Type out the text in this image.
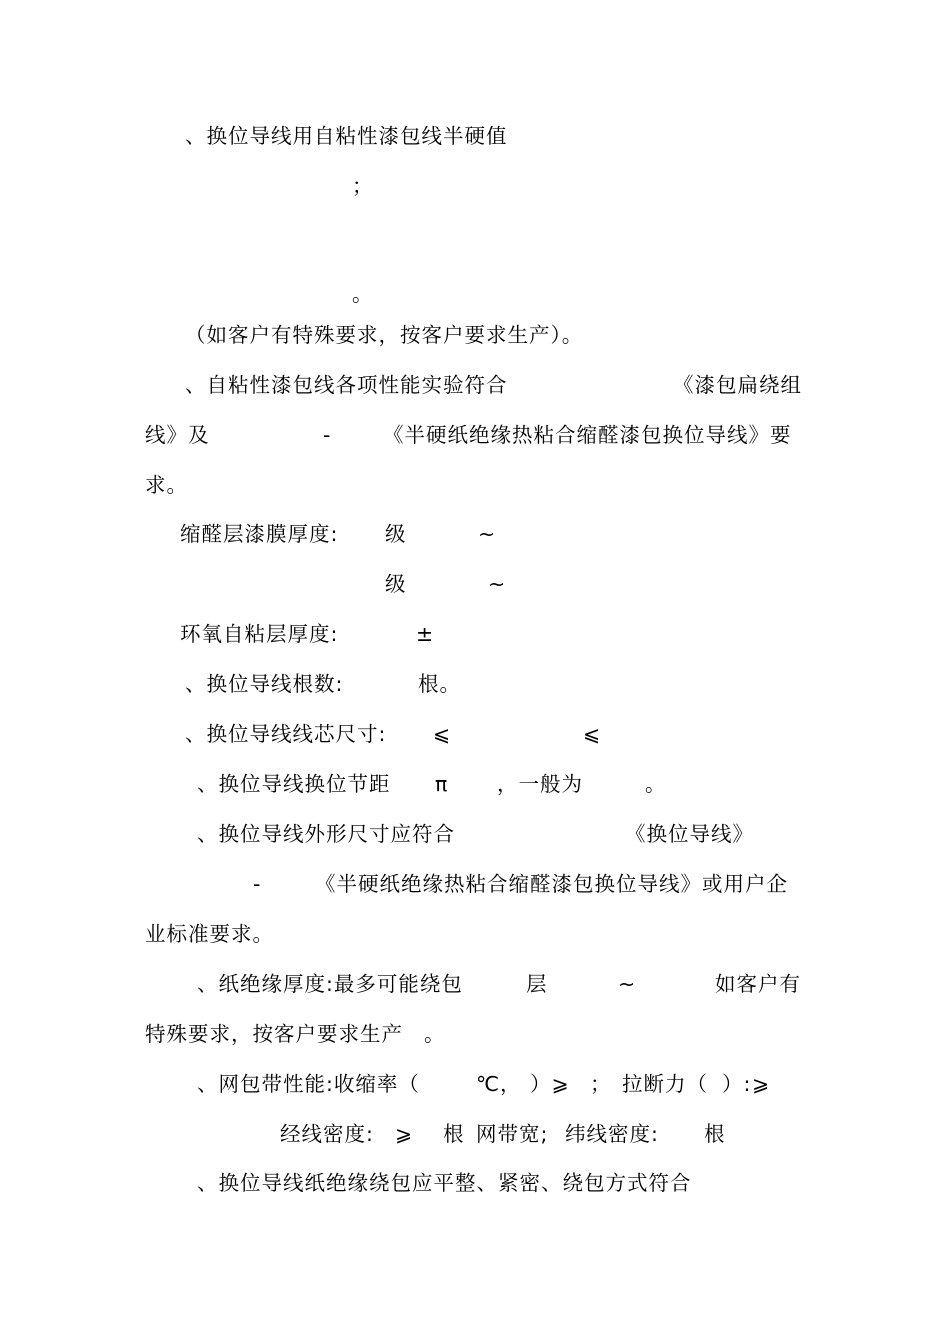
、换位导线用自粘性漆包线半硬值
；
。
（如客户有特殊要求，按客户要求生产）。
、自粘性漆包线各项性能实验符合	《漆包扁绕组
线》及	-	《半硬纸绝缘热粘合缩醛漆包换位导线》要
求。
缩醛层漆膜厚度: 级	~
级	~
环氧自粘层厚度:	±
、换位导线根数:	根。
、换位导线线芯尺寸: ⩽	⩽
、换位导线换位节距 π ，一般为	。
、换位导线外形尺寸应符合	《换位导线》
-	《半硬纸绝缘热粘合缩醛漆包换位导线》或用户企
业标准要求。
、纸绝缘厚度:最多可能绕包	层	~	如客户有
特殊要求，按客户要求生产 。
、网包带性能:收缩率（	℃， ）⩾ ； 拉断力（ ）: ⩾
经线密度: ⩾ 根 网带宽; 纬线密度: 根
、换位导线纸绝缘绕包应平整、紧密、绕包方式符合
